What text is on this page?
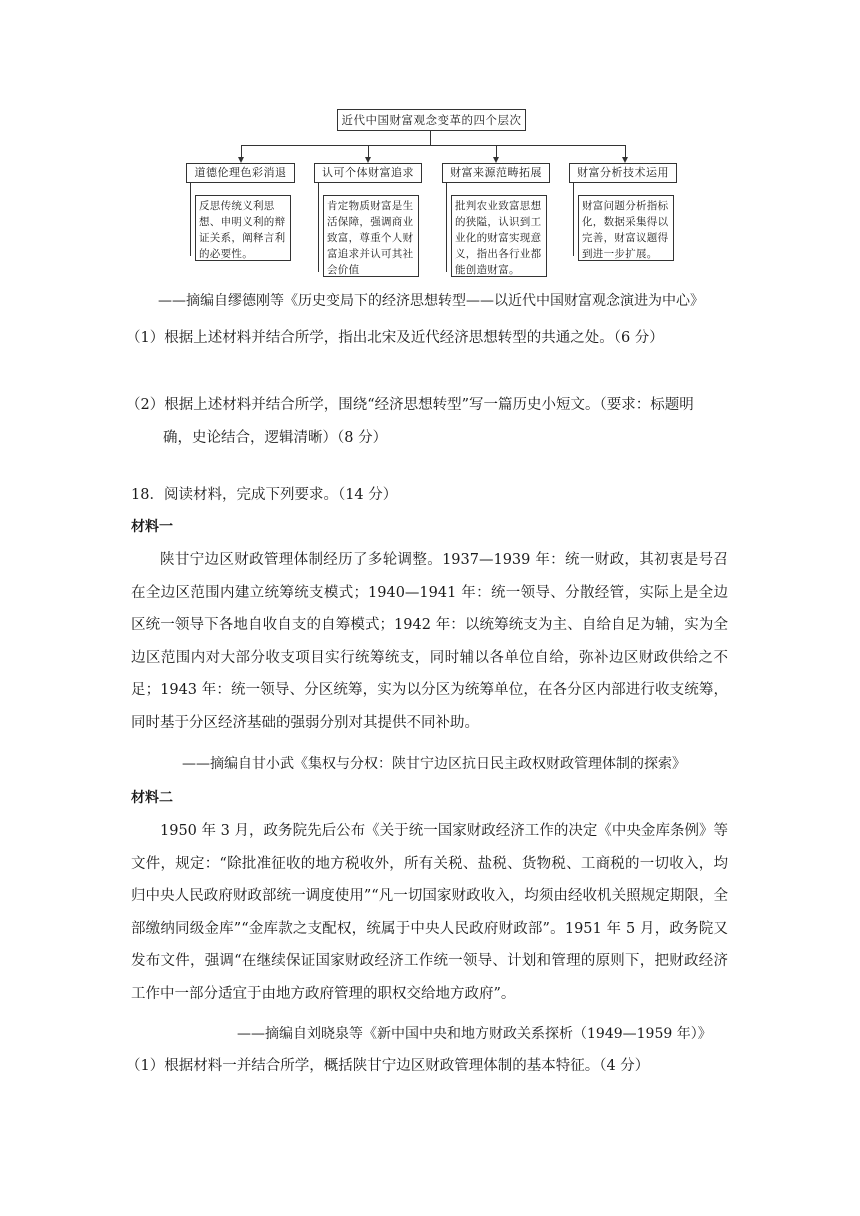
近代中国财富观念变革的四个层次
道德伦理色彩消退	认可个体财富追求	财富来源范畴拓展	财富分析技术运用
反思传统义利思想、申明义利的辩证关系，阐释言利的必要性。
肯定物质财富是生活保障，强调商业致富，尊重个人财富追求并认可其社会价值
批判农业致富思想的狭隘，认识到工业化的财富实现意义，指出各行业都能创造财富。
财富问题分析指标化，数据采集得以完善，财富议题得到进一步扩展。
——摘编自缪德刚等《历史变局下的经济思想转型——以近代中国财富观念演进为中心》
（1）根据上述材料并结合所学，指出北宋及近代经济思想转型的共通之处。（6 分）
（2）根据上述材料并结合所学，围绕“经济思想转型”写一篇历史小短文。（要求：标题明
确，史论结合，逻辑清晰）（8 分）
18．阅读材料，完成下列要求。（14 分）
材料一
陕甘宁边区财政管理体制经历了多轮调整。1937—1939 年：统一财政，其初衷是号召在全边区范围内建立统筹统支模式；1940—1941 年：统一领导、分散经管，实际上是全边区统一领导下各地自收自支的自筹模式；1942 年：以统筹统支为主、自给自足为辅，实为全边区范围内对大部分收支项目实行统筹统支，同时辅以各单位自给，弥补边区财政供给之不足；1943 年：统一领导、分区统筹，实为以分区为统筹单位，在各分区内部进行收支统筹，同时基于分区经济基础的强弱分别对其提供不同补助。
——摘编自甘小武《集权与分权：陕甘宁边区抗日民主政权财政管理体制的探索》
材料二
1950 年 3 月，政务院先后公布《关于统一国家财政经济工作的决定《中央金库条例》等文件，规定：“除批准征收的地方税收外，所有关税、盐税、货物税、工商税的一切收入，均归中央人民政府财政部统一调度使用”“凡一切国家财政收入，均须由经收机关照规定期限，全部缴纳同级金库”“金库款之支配权，统属于中央人民政府财政部”。1951 年 5 月，政务院又发布文件，强调“在继续保证国家财政经济工作统一领导、计划和管理的原则下，把财政经济工作中一部分适宜于由地方政府管理的职权交给地方政府”。
——摘编自刘晓泉等《新中国中央和地方财政关系探析（1949—1959 年）》
（1）根据材料一并结合所学，概括陕甘宁边区财政管理体制的基本特征。（4 分）
